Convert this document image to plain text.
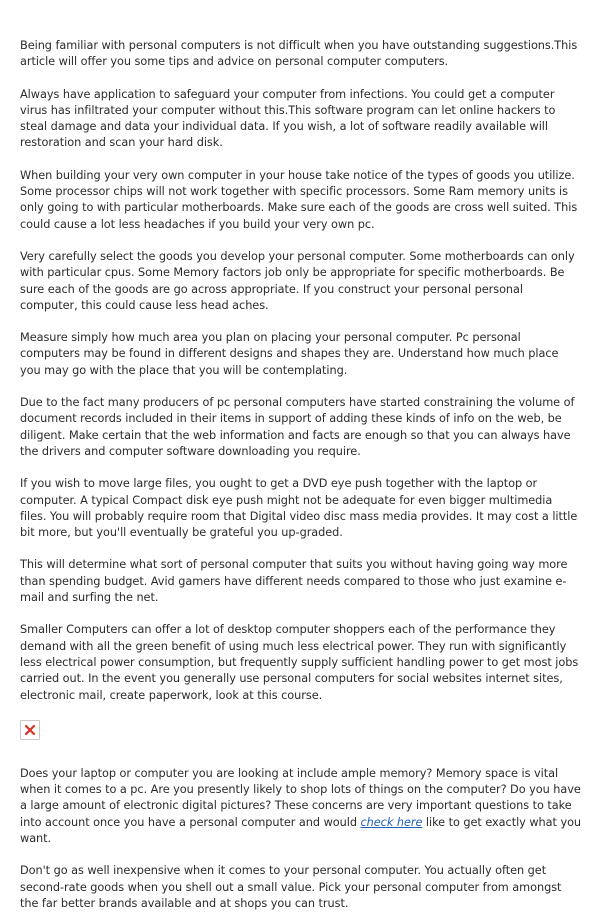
Being familiar with personal computers is not difficult when you have outstanding suggestions.This article will offer you some tips and advice on personal computer computers.

Always have application to safeguard your computer from infections. You could get a computer virus has infiltrated your computer without this.This software program can let online hackers to steal damage and data your individual data. If you wish, a lot of software readily available will restoration and scan your hard disk.

When building your very own computer in your house take notice of the types of goods you utilize. Some processor chips will not work together with specific processors. Some Ram memory units is only going to with particular motherboards. Make sure each of the goods are cross well suited. This could cause a lot less headaches if you build your very own pc.

Very carefully select the goods you develop your personal computer. Some motherboards can only with particular cpus. Some Memory factors job only be appropriate for specific motherboards. Be sure each of the goods are go across appropriate. If you construct your personal personal computer, this could cause less head aches.

Measure simply how much area you plan on placing your personal computer. Pc personal computers may be found in different designs and shapes they are. Understand how much place you may go with the place that you will be contemplating.

Due to the fact many producers of pc personal computers have started constraining the volume of document records included in their items in support of adding these kinds of info on the web, be diligent. Make certain that the web information and facts are enough so that you can always have the drivers and computer software downloading you require.

If you wish to move large files, you ought to get a DVD eye push together with the laptop or computer. A typical Compact disk eye push might not be adequate for even bigger multimedia files. You will probably require room that Digital video disc mass media provides. It may cost a little bit more, but you'll eventually be grateful you up-graded.

This will determine what sort of personal computer that suits you without having going way more than spending budget. Avid gamers have different needs compared to those who just examine e-mail and surfing the net.

Smaller Computers can offer a lot of desktop computer shoppers each of the performance they demand with all the green benefit of using much less electrical power. They run with significantly less electrical power consumption, but frequently supply sufficient handling power to get most jobs carried out. In the event you generally use personal computers for social websites internet sites, electronic mail, create paperwork, look at this course.

Does your laptop or computer you are looking at include ample memory? Memory space is vital when it comes to a pc. Are you presently likely to shop lots of things on the computer? Do you have a large amount of electronic digital pictures? These concerns are very important questions to take into account once you have a personal computer and would check here like to get exactly what you want.

Don't go as well inexpensive when it comes to your personal computer. You actually often get second-rate goods when you shell out a small value. Pick your personal computer from amongst the far better brands available and at shops you can trust.
